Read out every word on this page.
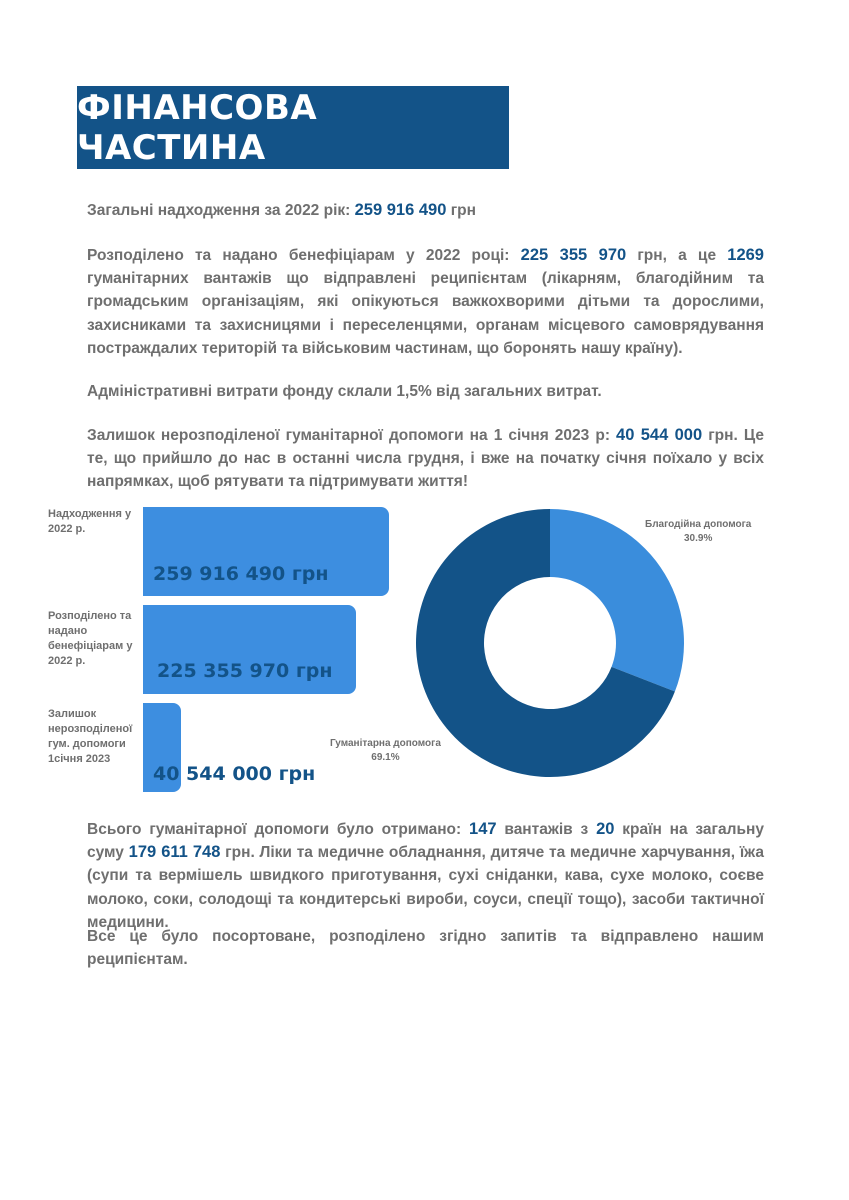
ФІНАНСОВА ЧАСТИНА
Загальні надходження за 2022 рік: 259 916 490 грн
Розподілено та надано бенефіціарам у 2022 році: 225 355 970 грн, а це 1269 гуманітарних вантажів що відправлені реципієнтам (лікарням, благодійним та громадським організаціям, які опікуються важкохворими дітьми та дорослими, захисниками та захисницями і переселенцями, органам місцевого самоврядування постраждалих територій та військовим частинам, що боронять нашу країну).
Адміністративні витрати фонду склали 1,5% від загальних витрат.
Залишок нерозподіленої гуманітарної допомоги на 1 січня 2023 р: 40 544 000 грн. Це те, що прийшло до нас в останні числа грудня, і вже на початку січня поїхало у всіх напрямках, щоб рятувати та підтримувати життя!
Надходження у 2022 р.
Розподілено та надано бенефіціарам у 2022 р.
Залишок нерозподіленої гум. допомоги 1січня 2023
259 916 490 грн
225 355 970 грн
40 544 000 грн
Благодійна допомога
30.9%
Гуманітарна допомога
69.1%
Всього гуманітарної допомоги було отримано: 147 вантажів з 20 країн на загальну суму 179 611 748 грн. Ліки та медичне обладнання, дитяче та медичне харчування, їжа (супи та вермішель швидкого приготування, сухі сніданки, кава, сухе молоко, соєве молоко, соки, солодощі та кондитерські вироби, соуси, спеції тощо), засоби тактичної медицини.
Все це було посортоване, розподілено згідно запитів та відправлено нашим реципієнтам.
